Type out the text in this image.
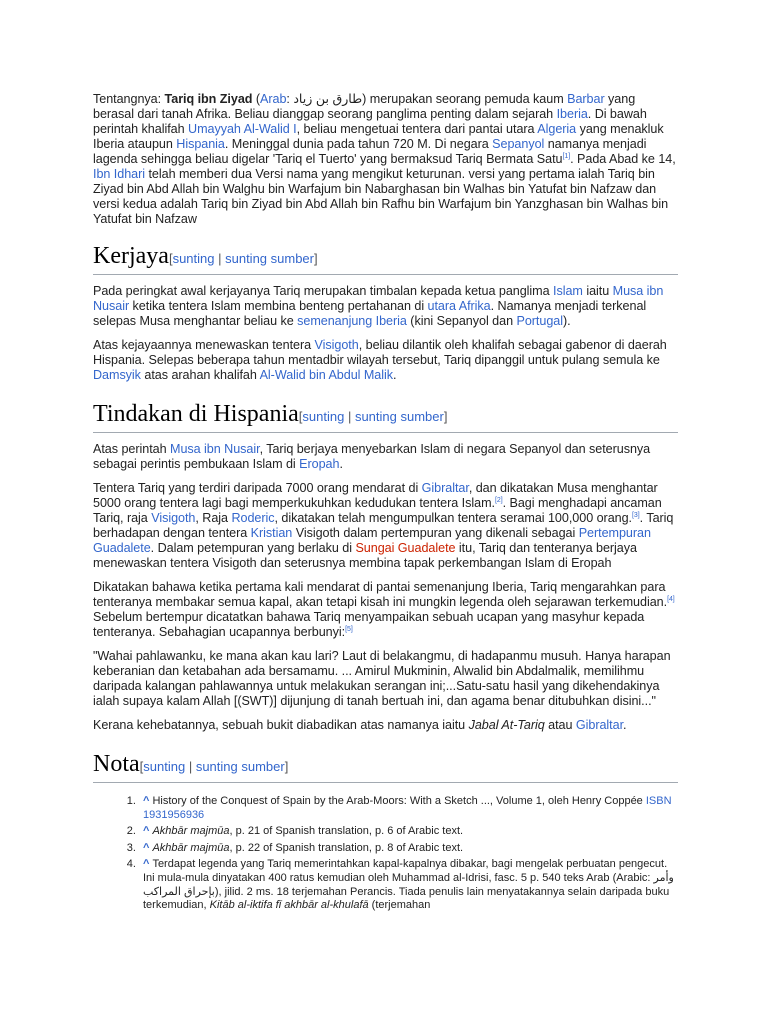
Tentangnya: Tariq ibn Ziyad (Arab: طارق بن زياد) merupakan seorang pemuda kaum Barbar yang berasal dari tanah Afrika. Beliau dianggap seorang panglima penting dalam sejarah Iberia. Di bawah perintah khalifah Umayyah Al-Walid I, beliau mengetuai tentera dari pantai utara Algeria yang menakluk Iberia ataupun Hispania. Meninggal dunia pada tahun 720 M. Di negara Sepanyol namanya menjadi lagenda sehingga beliau digelar 'Tariq el Tuerto' yang bermaksud Tariq Bermata Satu[1]. Pada Abad ke 14, Ibn Idhari telah memberi dua Versi nama yang mengikut keturunan. versi yang pertama ialah Tariq bin Ziyad bin Abd Allah bin Walghu bin Warfajum bin Nabarghasan bin Walhas bin Yatufat bin Nafzaw dan versi kedua adalah Tariq bin Ziyad bin Abd Allah bin Rafhu bin Warfajum bin Yanzghasan bin Walhas bin Yatufat bin Nafzaw

Kerjaya[sunting | sunting sumber]

Pada peringkat awal kerjayanya Tariq merupakan timbalan kepada ketua panglima Islam iaitu Musa ibn Nusair ketika tentera Islam membina benteng pertahanan di utara Afrika. Namanya menjadi terkenal selepas Musa menghantar beliau ke semenanjung Iberia (kini Sepanyol dan Portugal).

Atas kejayaannya menewaskan tentera Visigoth, beliau dilantik oleh khalifah sebagai gabenor di daerah Hispania. Selepas beberapa tahun mentadbir wilayah tersebut, Tariq dipanggil untuk pulang semula ke Damsyik atas arahan khalifah Al-Walid bin Abdul Malik.

Tindakan di Hispania[sunting | sunting sumber]

Atas perintah Musa ibn Nusair, Tariq berjaya menyebarkan Islam di negara Sepanyol dan seterusnya sebagai perintis pembukaan Islam di Eropah.

Tentera Tariq yang terdiri daripada 7000 orang mendarat di Gibraltar, dan dikatakan Musa menghantar 5000 orang tentera lagi bagi memperkukuhkan kedudukan tentera Islam.[2]. Bagi menghadapi ancaman Tariq, raja Visigoth, Raja Roderic, dikatakan telah mengumpulkan tentera seramai 100,000 orang.[3]. Tariq berhadapan dengan tentera Kristian Visigoth dalam pertempuran yang dikenali sebagai Pertempuran Guadalete. Dalam petempuran yang berlaku di Sungai Guadalete itu, Tariq dan tenteranya berjaya menewaskan tentera Visigoth dan seterusnya membina tapak perkembangan Islam di Eropah

Dikatakan bahawa ketika pertama kali mendarat di pantai semenanjung Iberia, Tariq mengarahkan para tenteranya membakar semua kapal, akan tetapi kisah ini mungkin legenda oleh sejarawan terkemudian.[4] Sebelum bertempur dicatatkan bahawa Tariq menyampaikan sebuah ucapan yang masyhur kepada tenteranya. Sebahagian ucapannya berbunyi:[5]

"Wahai pahlawanku, ke mana akan kau lari? Laut di belakangmu, di hadapanmu musuh. Hanya harapan keberanian dan ketabahan ada bersamamu. ... Amirul Mukminin, Alwalid bin Abdalmalik, memilihmu daripada kalangan pahlawannya untuk melakukan serangan ini;...Satu-satu hasil yang dikehendakinya ialah supaya kalam Allah [(SWT)] dijunjung di tanah bertuah ini, dan agama benar ditubuhkan disini..."

Kerana kehebatannya, sebuah bukit diabadikan atas namanya iaitu Jabal At-Tariq atau Gibraltar.

Nota[sunting | sunting sumber]
1. ^ History of the Conquest of Spain by the Arab-Moors: With a Sketch ..., Volume 1, oleh Henry Coppée ISBN 1931956936
2. ^ Akhbār majmūa, p. 21 of Spanish translation, p. 6 of Arabic text.
3. ^ Akhbār majmūa, p. 22 of Spanish translation, p. 8 of Arabic text.
4. ^ Terdapat legenda yang Tariq memerintahkan kapal-kapalnya dibakar, bagi mengelak perbuatan pengecut. Ini mula-mula dinyatakan 400 ratus kemudian oleh Muhammad al-Idrisi, fasc. 5 p. 540 teks Arab (Arabic: وأمر بإحراق المراكب), jilid. 2 ms. 18 terjemahan Perancis. Tiada penulis lain menyatakannya selain daripada buku terkemudian, Kitāb al-iktifa fī akhbār al-khulafā (terjemahan
